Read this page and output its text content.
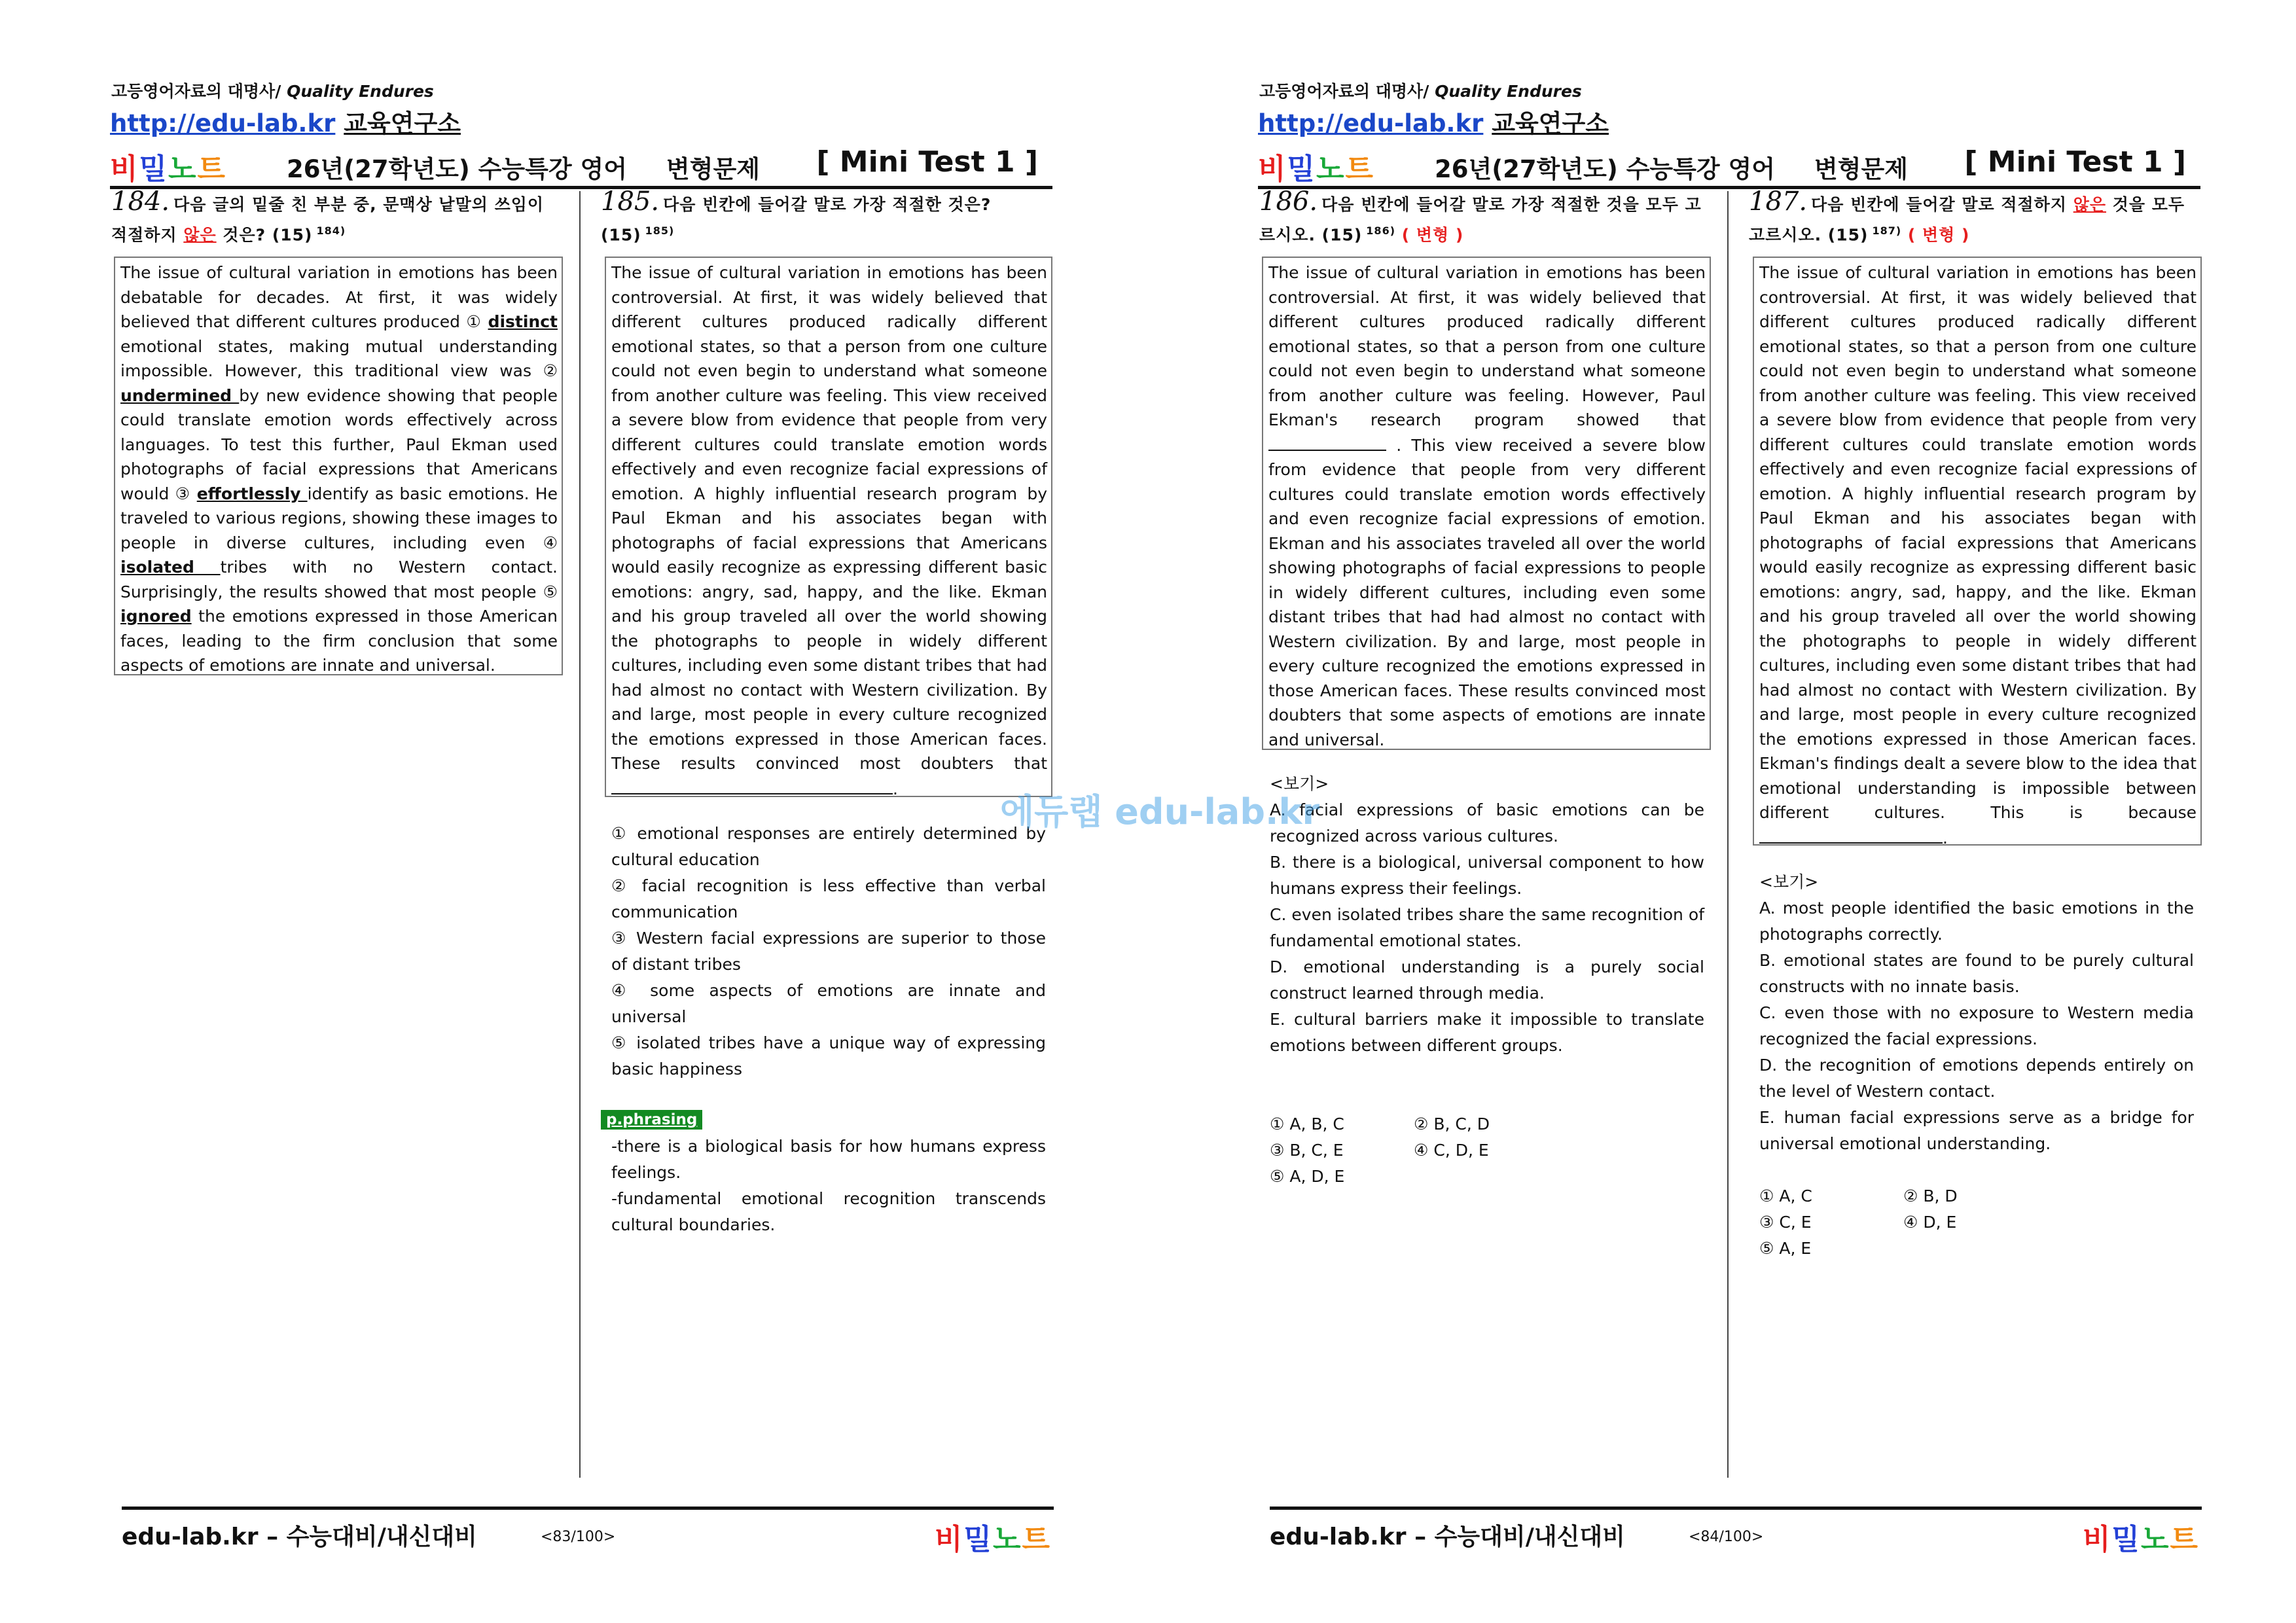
고등영어자료의 대명사/ Quality Endures
http://edu-lab.kr 교육연구소
비밀노트 26년(27학년도) 수능특강 영어 변형문제 [ Mini Test 1 ]
184. 다음 글의 밑줄 친 부분 중, 문맥상 낱말의 쓰임이 적절하지 않은 것은? (15) $^{184)}$
The issue of cultural variation in emotions has been debatable for decades. At first, it was widely believed that different cultures produced ① distinct emotional states, making mutual understanding impossible. However, this traditional view was ② undermined by new evidence showing that people could translate emotion words effectively across languages. To test this further, Paul Ekman used photographs of facial expressions that Americans would ③ effortlessly identify as basic emotions. He traveled to various regions, showing these images to people in diverse cultures, including even ④ isolated tribes with no Western contact. Surprisingly, the results showed that most people ⑤ ignored the emotions expressed in those American faces, leading to the firm conclusion that some aspects of emotions are innate and universal.
185. 다음 빈칸에 들어갈 말로 가장 적절한 것은? (15) $^{185)}$
The issue of cultural variation in emotions has been controversial. At first, it was widely believed that different cultures produced radically different emotional states, so that a person from one culture could not even begin to understand what someone from another culture was feeling. This view received a severe blow from evidence that people from very different cultures could translate emotion words effectively and even recognize facial expressions of emotion. A highly influential research program by Paul Ekman and his associates began with photographs of facial expressions that Americans would easily recognize as expressing different basic emotions: angry, sad, happy, and the like. Ekman and his group traveled all over the world showing the photographs to people in widely different cultures, including even some distant tribes that had had almost no contact with Western civilization. By and large, most people in every culture recognized the emotions expressed in those American faces. These results convinced most doubters that .

① emotional responses are entirely determined by cultural education

② facial recognition is less effective than verbal communication

③ Western facial expressions are superior to those of distant tribes

④ some aspects of emotions are innate and universal

⑤ isolated tribes have a unique way of expressing basic happiness

p.phrasing

-there is a biological basis for how humans express feelings.

-fundamental emotional recognition transcends cultural boundaries.

edu-lab.kr – 수능대비/내신대비	<83/100>	비밀노트
고등영어자료의 대명사/ Quality Endures
http://edu-lab.kr 교육연구소
비밀노트 26년(27학년도) 수능특강 영어 변형문제 [ Mini Test 1 ]
186. 다음 빈칸에 들어갈 말로 가장 적절한 것을 모두 고르시오. (15) $^{186)}$ ( 변형 )
The issue of cultural variation in emotions has been controversial. At first, it was widely believed that different cultures produced radically different emotional states, so that a person from one culture could not even begin to understand what someone from another culture was feeling. However, Paul Ekman's research program showed that  . This view received a severe blow from evidence that people from very different cultures could translate emotion words effectively and even recognize facial expressions of emotion. Ekman and his associates traveled all over the world showing photographs of facial expressions to people in widely different cultures, including even some distant tribes that had had almost no contact with Western civilization. By and large, most people in every culture recognized the emotions expressed in those American faces. These results convinced most doubters that some aspects of emotions are innate and universal.

<보기>

A. facial expressions of basic emotions can be recognized across various cultures.

B. there is a biological, universal component to how humans express their feelings.

C. even isolated tribes share the same recognition of fundamental emotional states.

D. emotional understanding is a purely social construct learned through media.

E. cultural barriers make it impossible to translate emotions between different groups.

① A, B, C	② B, C, D
③ B, C, E	④ C, D, E
⑤ A, D, E
187. 다음 빈칸에 들어갈 말로 적절하지 않은 것을 모두 고르시오. (15) $^{187)}$ ( 변형 )
The issue of cultural variation in emotions has been controversial. At first, it was widely believed that different cultures produced radically different emotional states, so that a person from one culture could not even begin to understand what someone from another culture was feeling. This view received a severe blow from evidence that people from very different cultures could translate emotion words effectively and even recognize facial expressions of emotion. A highly influential research program by Paul Ekman and his associates began with photographs of facial expressions that Americans would easily recognize as expressing different basic emotions: angry, sad, happy, and the like. Ekman and his group traveled all over the world showing the photographs to people in widely different cultures, including even some distant tribes that had had almost no contact with Western civilization. By and large, most people in every culture recognized the emotions expressed in those American faces. Ekman's findings dealt a severe blow to the idea that emotional understanding is impossible between different cultures. This is because .

<보기>

A. most people identified the basic emotions in the photographs correctly.

B. emotional states are found to be purely cultural constructs with no innate basis.

C. even those with no exposure to Western media recognized the facial expressions.

D. the recognition of emotions depends entirely on the level of Western contact.

E. human facial expressions serve as a bridge for universal emotional understanding.

① A, C	② B, D
③ C, E	④ D, E
⑤ A, E
edu-lab.kr – 수능대비/내신대비	<84/100>	비밀노트
에듀랩 edu-lab.kr
